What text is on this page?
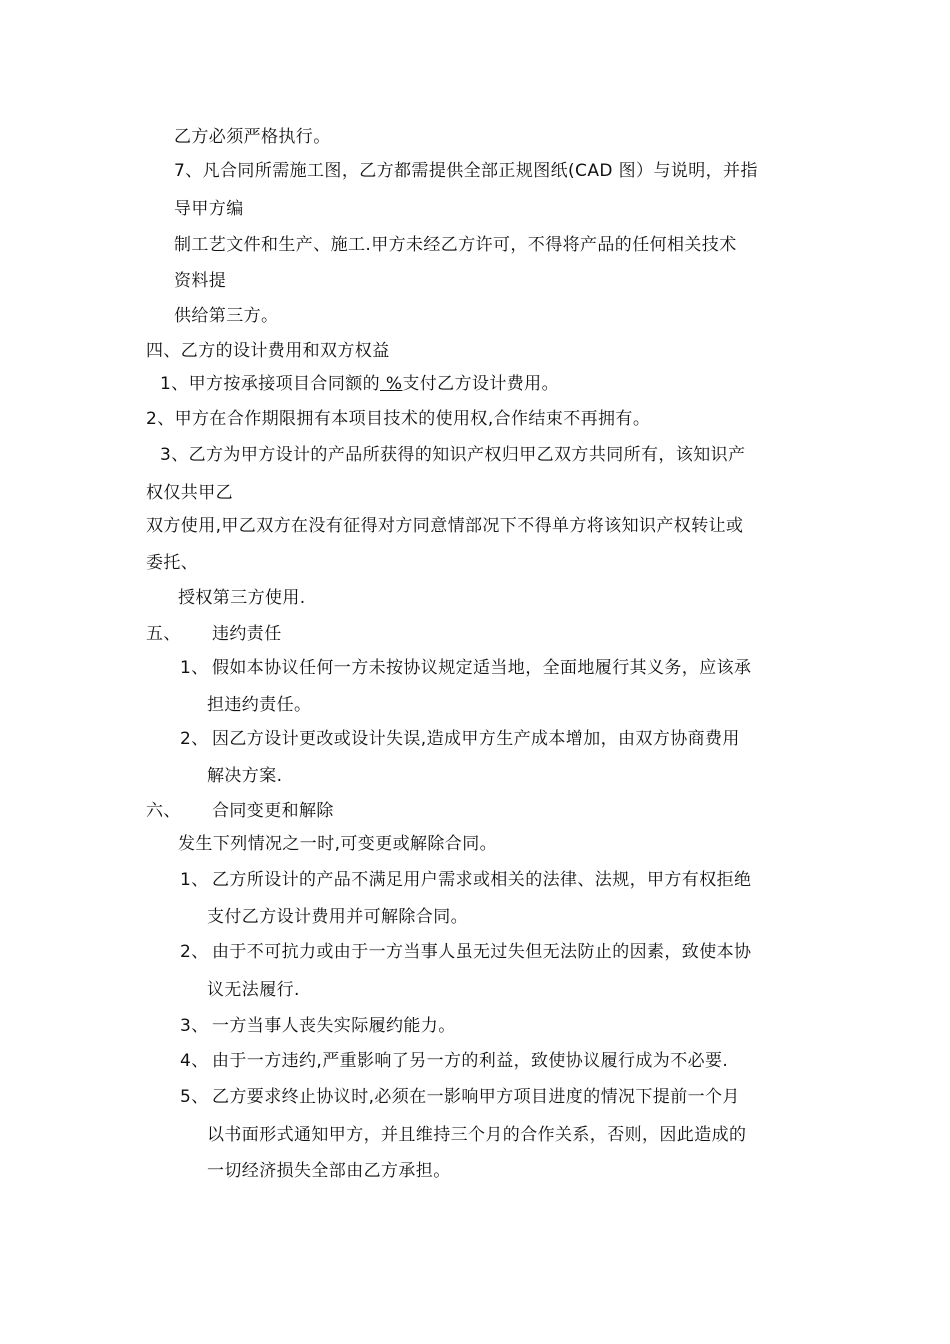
乙方必须严格执行。
7、凡合同所需施工图，乙方都需提供全部正规图纸(CAD 图）与说明，并指
导甲方编
制工艺文件和生产、施工.甲方未经乙方许可，不得将产品的任何相关技术
资料提
供给第三方。
四、乙方的设计费用和双方权益
1、甲方按承接项目合同额的 %支付乙方设计费用。
2、甲方在合作期限拥有本项目技术的使用权,合作结束不再拥有。
3、乙方为甲方设计的产品所获得的知识产权归甲乙双方共同所有，该知识产
权仅共甲乙
双方使用,甲乙双方在没有征得对方同意情部况下不得单方将该知识产权转让或
委托、
授权第三方使用.
五、 违约责任
1、 假如本协议任何一方未按协议规定适当地，全面地履行其义务，应该承
担违约责任。
2、 因乙方设计更改或设计失误,造成甲方生产成本增加，由双方协商费用
解决方案.
六、 合同变更和解除
发生下列情况之一时,可变更或解除合同。
1、 乙方所设计的产品不满足用户需求或相关的法律、法规，甲方有权拒绝
支付乙方设计费用并可解除合同。
2、 由于不可抗力或由于一方当事人虽无过失但无法防止的因素，致使本协
议无法履行.
3、 一方当事人丧失实际履约能力。
4、 由于一方违约,严重影响了另一方的利益，致使协议履行成为不必要.
5、 乙方要求终止协议时,必须在一影响甲方项目进度的情况下提前一个月
以书面形式通知甲方，并且维持三个月的合作关系，否则，因此造成的
一切经济损失全部由乙方承担。
